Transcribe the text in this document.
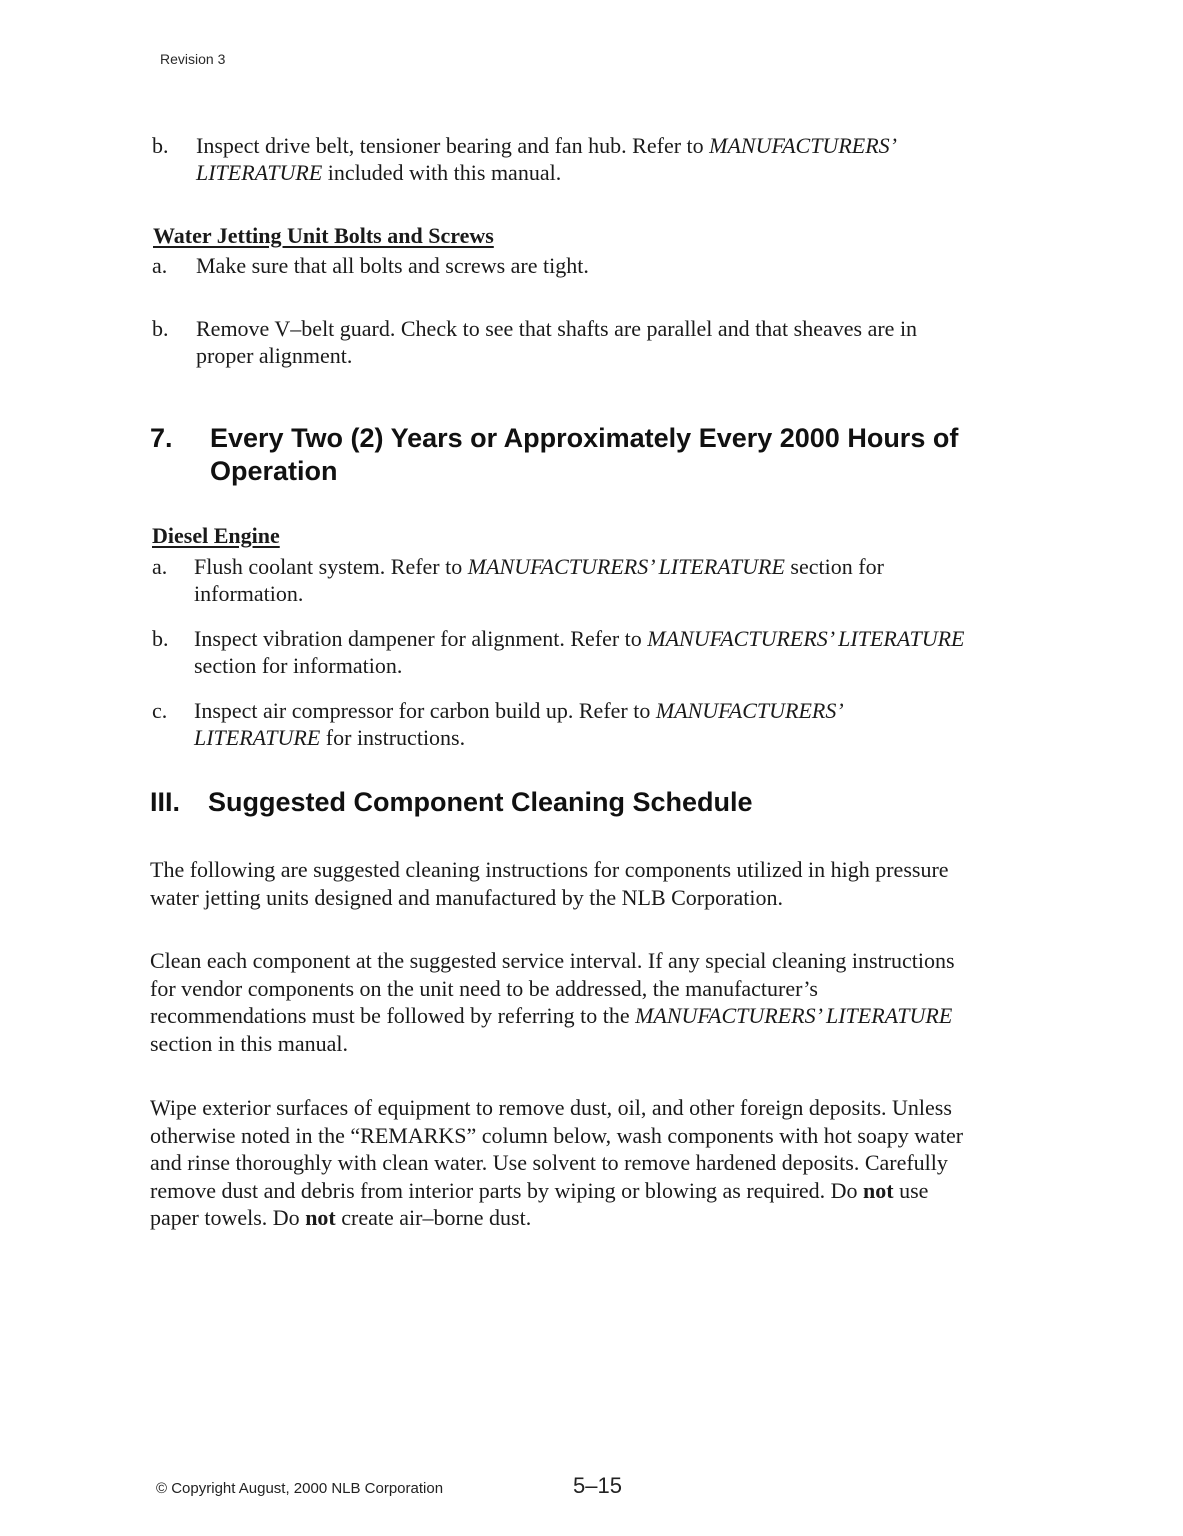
Revision 3
b. Inspect drive belt, tensioner bearing and fan hub. Refer to MANUFACTURERS’
LITERATURE included with this manual.
Water Jetting Unit Bolts and Screws
a. Make sure that all bolts and screws are tight.
b. Remove V–belt guard. Check to see that shafts are parallel and that sheaves are in
proper alignment.
7. Every Two (2) Years or Approximately Every 2000 Hours of
Operation
Diesel Engine
a. Flush coolant system. Refer to MANUFACTURERS’ LITERATURE section for
information.
b. Inspect vibration dampener for alignment. Refer to MANUFACTURERS’ LITERATURE
section for information.
c. Inspect air compressor for carbon build up. Refer to MANUFACTURERS’
LITERATURE for instructions.
III. Suggested Component Cleaning Schedule
The following are suggested cleaning instructions for components utilized in high pressure
water jetting units designed and manufactured by the NLB Corporation.
Clean each component at the suggested service interval. If any special cleaning instructions
for vendor components on the unit need to be addressed, the manufacturer’s
recommendations must be followed by referring to the MANUFACTURERS’ LITERATURE
section in this manual.
Wipe exterior surfaces of equipment to remove dust, oil, and other foreign deposits. Unless
otherwise noted in the “REMARKS” column below, wash components with hot soapy water
and rinse thoroughly with clean water. Use solvent to remove hardened deposits. Carefully
remove dust and debris from interior parts by wiping or blowing as required. Do not use
paper towels. Do not create air–borne dust.
© Copyright August, 2000 NLB Corporation	5–15
